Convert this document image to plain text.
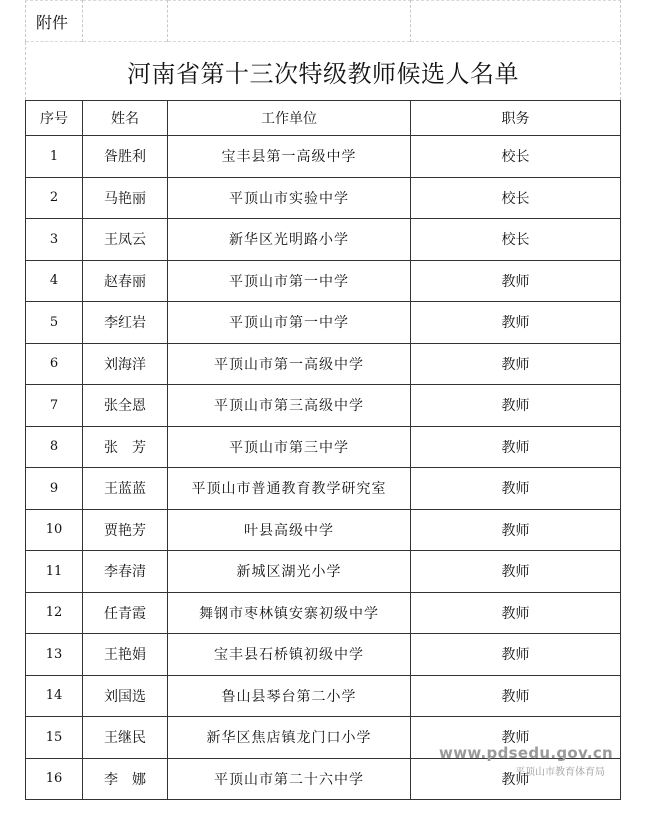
附件			
河南省第十三次特级教师候选人名单			
序号	姓名	工作单位	职务
1	昝胜利	宝丰县第一高级中学	校长
2	马艳丽	平顶山市实验中学	校长
3	王凤云	新华区光明路小学	校长
4	赵春丽	平顶山市第一中学	教师
5	李红岩	平顶山市第一中学	教师
6	刘海洋	平顶山市第一高级中学	教师
7	张全恩	平顶山市第三高级中学	教师
8	张　芳	平顶山市第三中学	教师
9	王蓝蓝	平顶山市普通教育教学研究室	教师
10	贾艳芳	叶县高级中学	教师
11	李春清	新城区湖光小学	教师
12	任青霞	舞钢市枣林镇安寨初级中学	教师
13	王艳娟	宝丰县石桥镇初级中学	教师
14	刘国选	鲁山县琴台第二小学	教师
15	王继民	新华区焦店镇龙门口小学	教师
16	李　娜	平顶山市第二十六中学	教师
www.pdsedu.gov.cn
平顶山市教育体育局
